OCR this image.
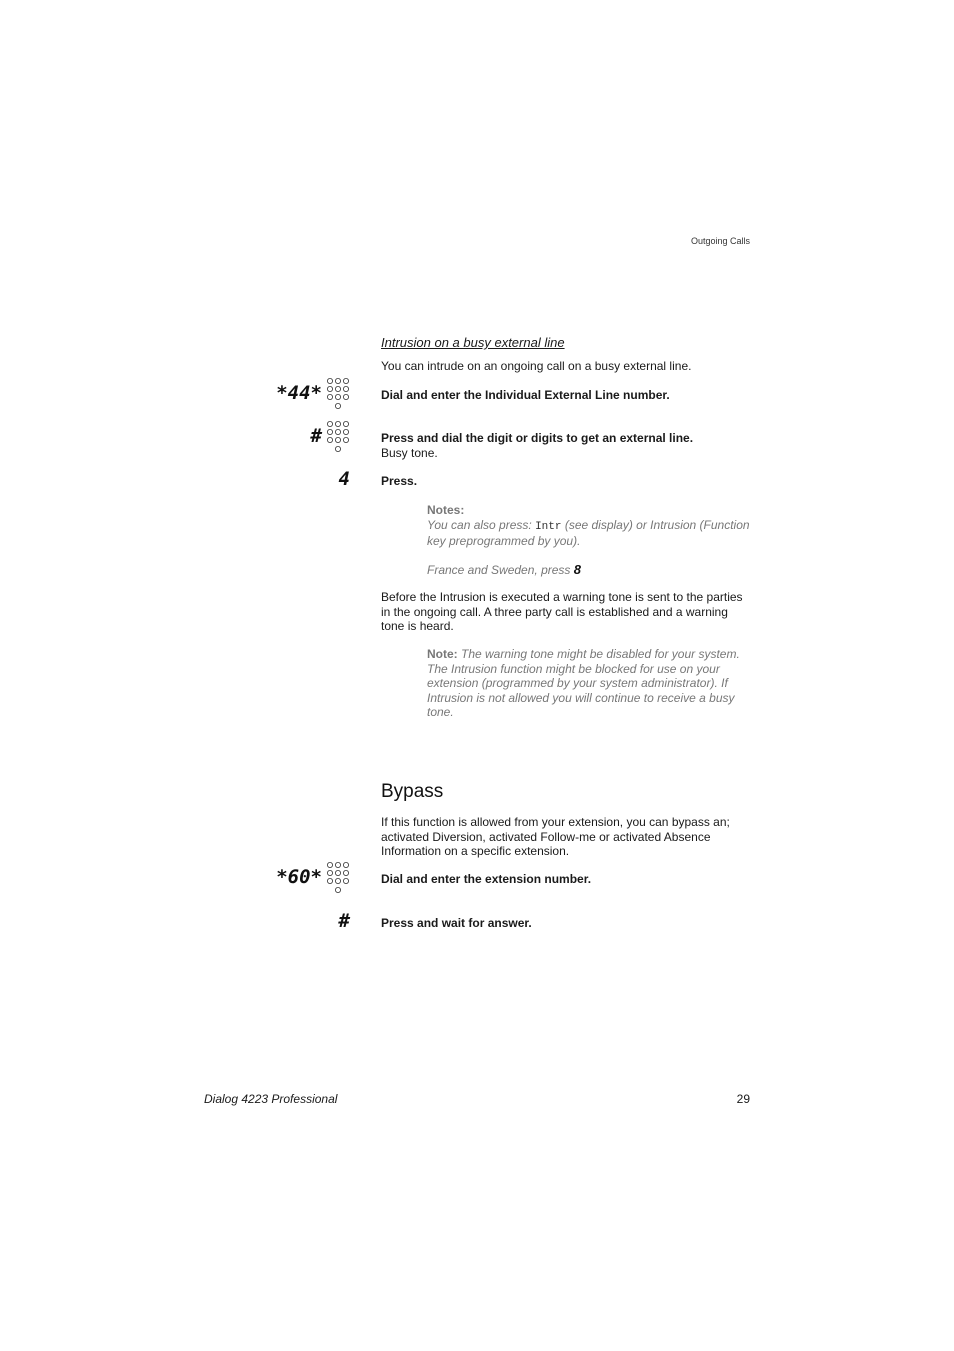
Outgoing Calls
Intrusion on a busy external line
You can intrude on an ongoing call on a busy external line.
*44*	Dial and enter the Individual External Line number.
#	Press and dial the digit or digits to get an external line.
Busy tone.
4	Press.
Notes:
You can also press: Intr (see display) or Intrusion (Function key preprogrammed by you).
France and Sweden, press 8
Before the Intrusion is executed a warning tone is sent to the parties in the ongoing call. A three party call is established and a warning tone is heard.
Note: The warning tone might be disabled for your system. The Intrusion function might be blocked for use on your extension (programmed by your system administrator). If Intrusion is not allowed you will continue to receive a busy tone.
Bypass
If this function is allowed from your extension, you can bypass an; activated Diversion, activated Follow-me or activated Absence Information on a specific extension.
*60*	Dial and enter the extension number.
#	Press and wait for answer.
Dialog 4223 Professional	29
